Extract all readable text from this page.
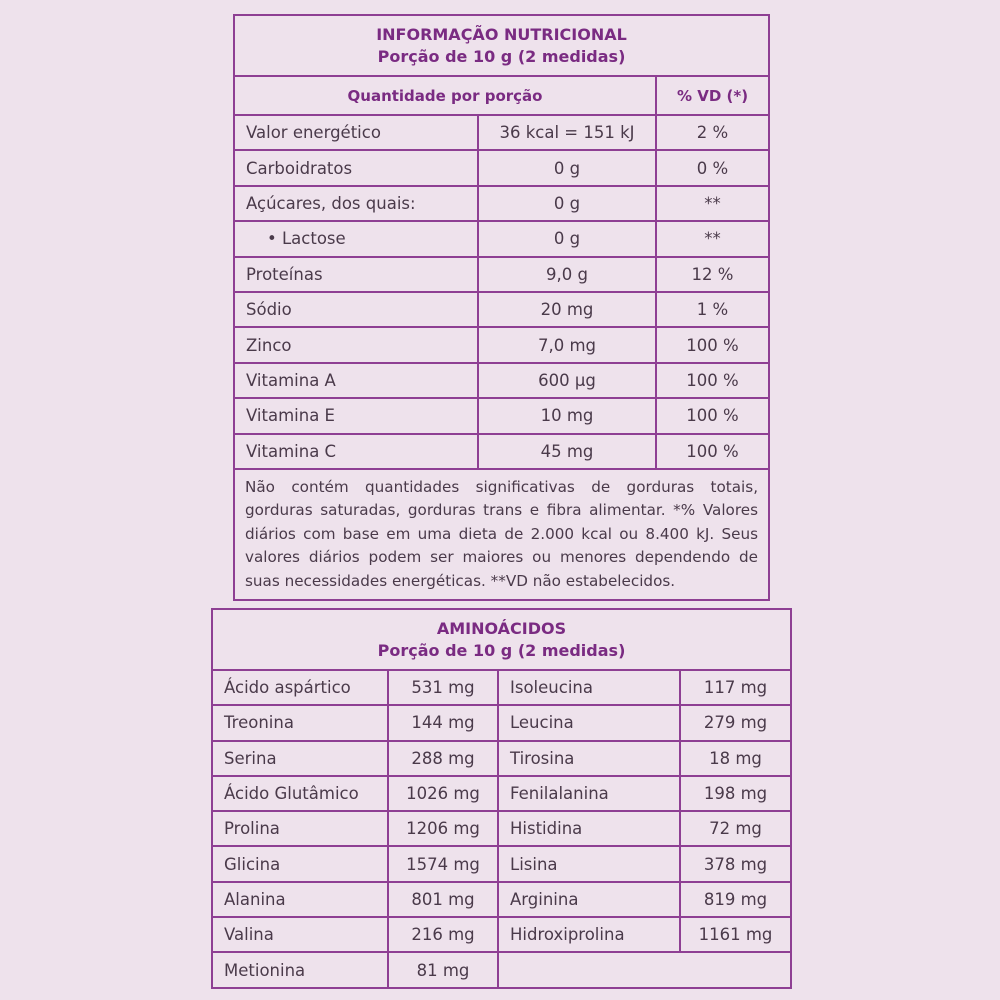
INFORMAÇÃO NUTRICIONAL
Porção de 10 g (2 medidas)		

Quantidade por porção		% VD (*)
Valor energético	36 kcal = 151 kJ	2 %
Carboidratos	0 g	0 %
Açúcares, dos quais:	0 g	**
• Lactose	0 g	**
Proteínas	9,0 g	12 %
Sódio	20 mg	1 %
Zinco	7,0 mg	100 %
Vitamina A	600 µg	100 %
Vitamina E	10 mg	100 %
Vitamina C	45 mg	100 %
Não contém quantidades significativas de gorduras totais, gorduras saturadas, gorduras trans e fibra alimentar. *% Valores diários com base em uma dieta de 2.000 kcal ou 8.400 kJ. Seus valores diários podem ser maiores ou menores dependendo de suas necessidades energéticas. **VD não estabelecidos.		
AMINOÁCIDOS
Porção de 10 g (2 medidas)			

Ácido aspártico	531 mg	Isoleucina	117 mg
Treonina	144 mg	Leucina	279 mg
Serina	288 mg	Tirosina	18 mg
Ácido Glutâmico	1026 mg	Fenilalanina	198 mg
Prolina	1206 mg	Histidina	72 mg
Glicina	1574 mg	Lisina	378 mg
Alanina	801 mg	Arginina	819 mg
Valina	216 mg	Hidroxiprolina	1161 mg
Metionina	81 mg		
